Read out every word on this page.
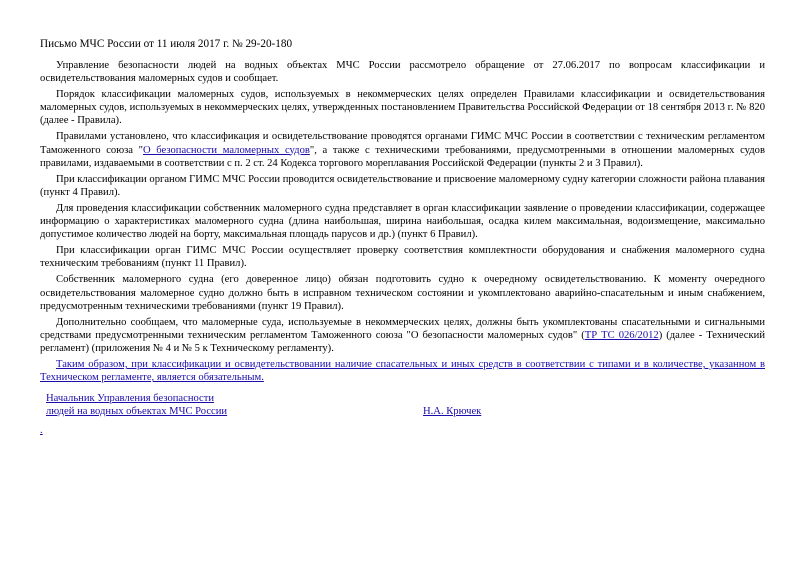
Письмо МЧС России от 11 июля 2017 г. № 29-20-180

Управление безопасности людей на водных объектах МЧС России рассмотрело обращение от 27.06.2017 по вопросам классификации и освидетельствования маломерных судов и сообщает.

Порядок классификации маломерных судов, используемых в некоммерческих целях определен Правилами классификации и освидетельствования маломерных судов, используемых в некоммерческих целях, утвержденных постановлением Правительства Российской Федерации от 18 сентября 2013 г. № 820 (далее - Правила).

Правилами установлено, что классификация и освидетельствование проводятся органами ГИМС МЧС России в соответствии с техническим регламентом Таможенного союза "О безопасности маломерных судов", а также с техническими требованиями, предусмотренными в отношении маломерных судов правилами, издаваемыми в соответствии с п. 2 ст. 24 Кодекса торгового мореплавания Российской Федерации (пункты 2 и 3 Правил).

При классификации органом ГИМС МЧС России проводится освидетельствование и присвоение маломерному судну категории сложности района плавания (пункт 4 Правил).

Для проведения классификации собственник маломерного судна представляет в орган классификации заявление о проведении классификации, содержащее информацию о характеристиках маломерного судна (длина наибольшая, ширина наибольшая, осадка килем максимальная, водоизмещение, максимально допустимое количество людей на борту, максимальная площадь парусов и др.) (пункт 6 Правил).

При классификации орган ГИМС МЧС России осуществляет проверку соответствия комплектности оборудования и снабжения маломерного судна техническим требованиям (пункт 11 Правил).

Собственник маломерного судна (его доверенное лицо) обязан подготовить судно к очередному освидетельствованию. К моменту очередного освидетельствования маломерное судно должно быть в исправном техническом состоянии и укомплектовано аварийно-спасательным и иным снабжением, предусмотренным техническими требованиями (пункт 19 Правил).

Дополнительно сообщаем, что маломерные суда, используемые в некоммерческих целях, должны быть укомплектованы спасательными и сигнальными средствами предусмотренными техническим регламентом Таможенного союза "О безопасности маломерных судов" (ТР ТС 026/2012) (далее - Технический регламент) (приложения № 4 и № 5 к Техническому регламенту).

Таким образом, при классификации и освидетельствовании наличие спасательных и иных средств в соответствии с типами и в количестве, указанном в Техническом регламенте, является обязательным.

Начальник Управления безопасности
людей на водных объектах МЧС России	Н.А. Крючек
.
